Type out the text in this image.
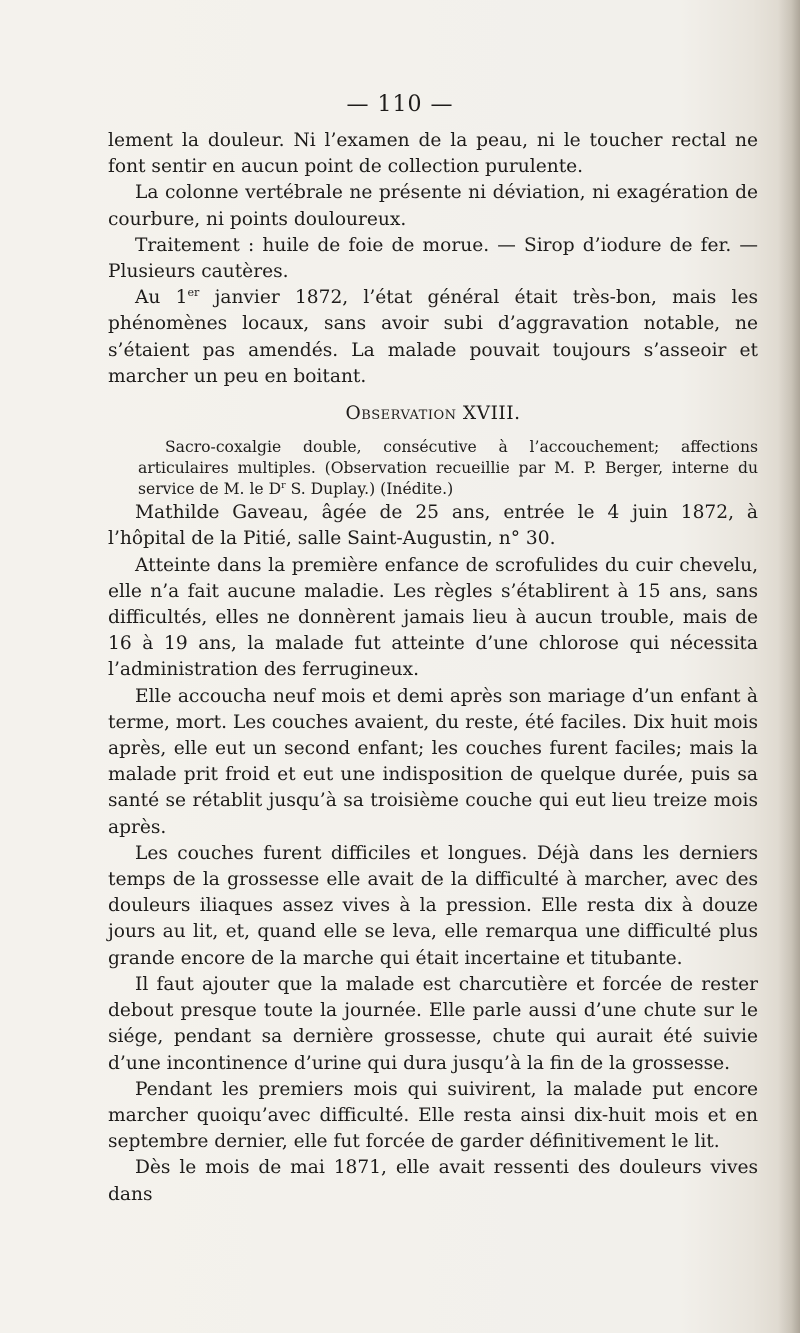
— 110 —

lement la douleur. Ni l’examen de la peau, ni le toucher rectal ne font sentir en aucun point de collection purulente.

La colonne vertébrale ne présente ni déviation, ni exagération de courbure, ni points douloureux.

Traitement : huile de foie de morue. — Sirop d’iodure de fer. — Plusieurs cautères.

Au 1er janvier 1872, l’état général était très-bon, mais les phénomènes locaux, sans avoir subi d’aggravation notable, ne s’étaient pas amendés. La malade pouvait toujours s’asseoir et marcher un peu en boitant.

Observation XVIII.

Sacro-coxalgie double, consécutive à l’accouchement; affections articulaires multiples. (Observation recueillie par M. P. Berger, interne du service de M. le $D^r$ S. Duplay.) (Inédite.)

Mathilde Gaveau, âgée de 25 ans, entrée le 4 juin 1872, à l’hôpital de la Pitié, salle Saint-Augustin, n° 30.

Atteinte dans la première enfance de scrofulides du cuir chevelu, elle n’a fait aucune maladie. Les règles s’établirent à 15 ans, sans difficultés, elles ne donnèrent jamais lieu à aucun trouble, mais de 16 à 19 ans, la malade fut atteinte d’une chlorose qui nécessita l’administration des ferrugineux.

Elle accoucha neuf mois et demi après son mariage d’un enfant à terme, mort. Les couches avaient, du reste, été faciles. Dix huit mois après, elle eut un second enfant; les couches furent faciles; mais la malade prit froid et eut une indisposition de quelque durée, puis sa santé se rétablit jusqu’à sa troisième couche qui eut lieu treize mois après.

Les couches furent difficiles et longues. Déjà dans les derniers temps de la grossesse elle avait de la difficulté à marcher, avec des douleurs iliaques assez vives à la pression. Elle resta dix à douze jours au lit, et, quand elle se leva, elle remarqua une difficulté plus grande encore de la marche qui était incertaine et titubante.

Il faut ajouter que la malade est charcutière et forcée de rester debout presque toute la journée. Elle parle aussi d’une chute sur le siége, pendant sa dernière grossesse, chute qui aurait été suivie d’une incontinence d’urine qui dura jusqu’à la fin de la grossesse.

Pendant les premiers mois qui suivirent, la malade put encore marcher quoiqu’avec difficulté. Elle resta ainsi dix-huit mois et en septembre dernier, elle fut forcée de garder définitivement le lit.

Dès le mois de mai 1871, elle avait ressenti des douleurs vives dans
